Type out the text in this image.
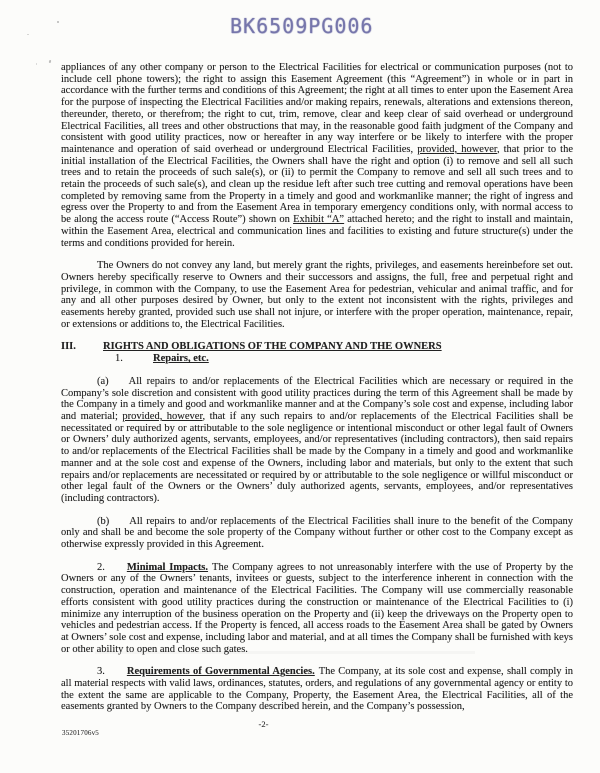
BK6509PG006

appliances of any other company or person to the Electrical Facilities for electrical or communication purposes (not to include cell phone towers); the right to assign this Easement Agreement (this “Agreement”) in whole or in part in accordance with the further terms and conditions of this Agreement; the right at all times to enter upon the Easement Area for the purpose of inspecting the Electrical Facilities and/or making repairs, renewals, alterations and extensions thereon, thereunder, thereto, or therefrom; the right to cut, trim, remove, clear and keep clear of said overhead or underground Electrical Facilities, all trees and other obstructions that may, in the reasonable good faith judgment of the Company and consistent with good utility practices, now or hereafter in any way interfere or be likely to interfere with the proper maintenance and operation of said overhead or underground Electrical Facilities, provided, however, that prior to the initial installation of the Electrical Facilities, the Owners shall have the right and option (i) to remove and sell all such trees and to retain the proceeds of such sale(s), or (ii) to permit the Company to remove and sell all such trees and to retain the proceeds of such sale(s), and clean up the residue left after such tree cutting and removal operations have been completed by removing same from the Property in a timely and good and workmanlike manner; the right of ingress and egress over the Property to and from the Easement Area in temporary emergency conditions only, with normal access to be along the access route (“Access Route”) shown on Exhibit “A” attached hereto; and the right to install and maintain, within the Easement Area, electrical and communication lines and facilities to existing and future structure(s) under the terms and conditions provided for herein.

The Owners do not convey any land, but merely grant the rights, privileges, and easements hereinbefore set out. Owners hereby specifically reserve to Owners and their successors and assigns, the full, free and perpetual right and privilege, in common with the Company, to use the Easement Area for pedestrian, vehicular and animal traffic, and for any and all other purposes desired by Owner, but only to the extent not inconsistent with the rights, privileges and easements hereby granted, provided such use shall not injure, or interfere with the proper operation, maintenance, repair, or extensions or additions to, the Electrical Facilities.

III.	RIGHTS AND OBLIGATIONS OF THE COMPANY AND THE OWNERS
1.	Repairs, etc.

(a) All repairs to and/or replacements of the Electrical Facilities which are necessary or required in the Company’s sole discretion and consistent with good utility practices during the term of this Agreement shall be made by the Company in a timely and good and workmanlike manner and at the Company’s sole cost and expense, including labor and material; provided, however, that if any such repairs to and/or replacements of the Electrical Facilities shall be necessitated or required by or attributable to the sole negligence or intentional misconduct or other legal fault of Owners or Owners’ duly authorized agents, servants, employees, and/or representatives (including contractors), then said repairs to and/or replacements of the Electrical Facilities shall be made by the Company in a timely and good and workmanlike manner and at the sole cost and expense of the Owners, including labor and materials, but only to the extent that such repairs and/or replacements are necessitated or required by or attributable to the sole negligence or willful misconduct or other legal fault of the Owners or the Owners’ duly authorized agents, servants, employees, and/or representatives (including contractors).

(b) All repairs to and/or replacements of the Electrical Facilities shall inure to the benefit of the Company only and shall be and become the sole property of the Company without further or other cost to the Company except as otherwise expressly provided in this Agreement.

2. Minimal Impacts. The Company agrees to not unreasonably interfere with the use of Property by the Owners or any of the Owners’ tenants, invitees or guests, subject to the interference inherent in connection with the construction, operation and maintenance of the Electrical Facilities. The Company will use commercially reasonable efforts consistent with good utility practices during the construction or maintenance of the Electrical Facilities to (i) minimize any interruption of the business operation on the Property and (ii) keep the driveways on the Property open to vehicles and pedestrian access. If the Property is fenced, all access roads to the Easement Area shall be gated by Owners at Owners’ sole cost and expense, including labor and material, and at all times the Company shall be furnished with keys or other ability to open and close such gates.

3. Requirements of Governmental Agencies. The Company, at its sole cost and expense, shall comply in all material respects with valid laws, ordinances, statutes, orders, and regulations of any governmental agency or entity to the extent the same are applicable to the Company, Property, the Easement Area, the Electrical Facilities, all of the easements granted by Owners to the Company described herein, and the Company’s possession,

-2-
35201706v5
